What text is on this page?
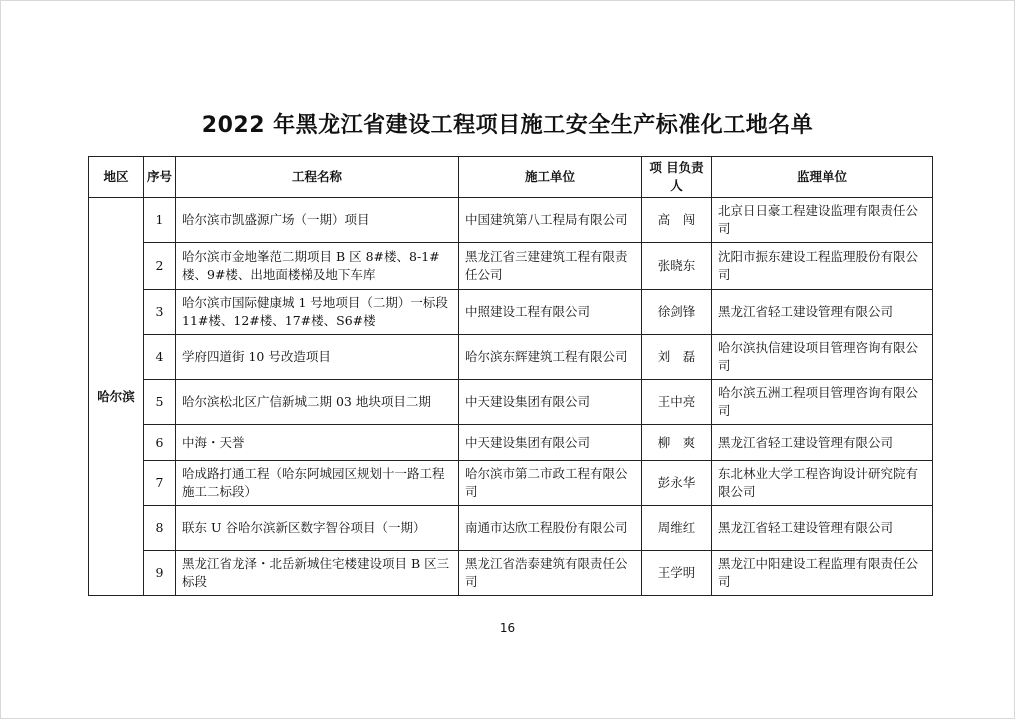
2022 年黑龙江省建设工程项目施工安全生产标准化工地名单
地区	序号	工程名称	施工单位	项 目负责人	监理单位
哈尔滨	1	哈尔滨市凯盛源广场（一期）项目	中国建筑第八工程局有限公司	高　闯	北京日日豪工程建设监理有限责任公司
	2	哈尔滨市金地峯范二期项目 B 区 8#楼、8-1#楼、9#楼、出地面楼梯及地下车库	黑龙江省三建建筑工程有限责任公司	张晓东	沈阳市振东建设工程监理股份有限公司
	3	哈尔滨市国际健康城 1 号地项目（二期）一标段 11#楼、12#楼、17#楼、S6#楼	中照建设工程有限公司	徐剑锋	黑龙江省轻工建设管理有限公司
	4	学府四道街 10 号改造项目	哈尔滨东辉建筑工程有限公司	刘　磊	哈尔滨执信建设项目管理咨询有限公司
	5	哈尔滨松北区广信新城二期 03 地块项目二期	中天建设集团有限公司	王中亮	哈尔滨五洲工程项目管理咨询有限公司
	6	中海・天誉	中天建设集团有限公司	柳　爽	黑龙江省轻工建设管理有限公司
	7	哈成路打通工程（哈东阿城园区规划十一路工程施工二标段）	哈尔滨市第二市政工程有限公司	彭永华	东北林业大学工程咨询设计研究院有限公司
	8	联东 U 谷哈尔滨新区数字智谷项目（一期）	南通市达欣工程股份有限公司	周维红	黑龙江省轻工建设管理有限公司
	9	黑龙江省龙泽・北岳新城住宅楼建设项目 B 区三标段	黑龙江省浩泰建筑有限责任公司	王学明	黑龙江中阳建设工程监理有限责任公司
16
